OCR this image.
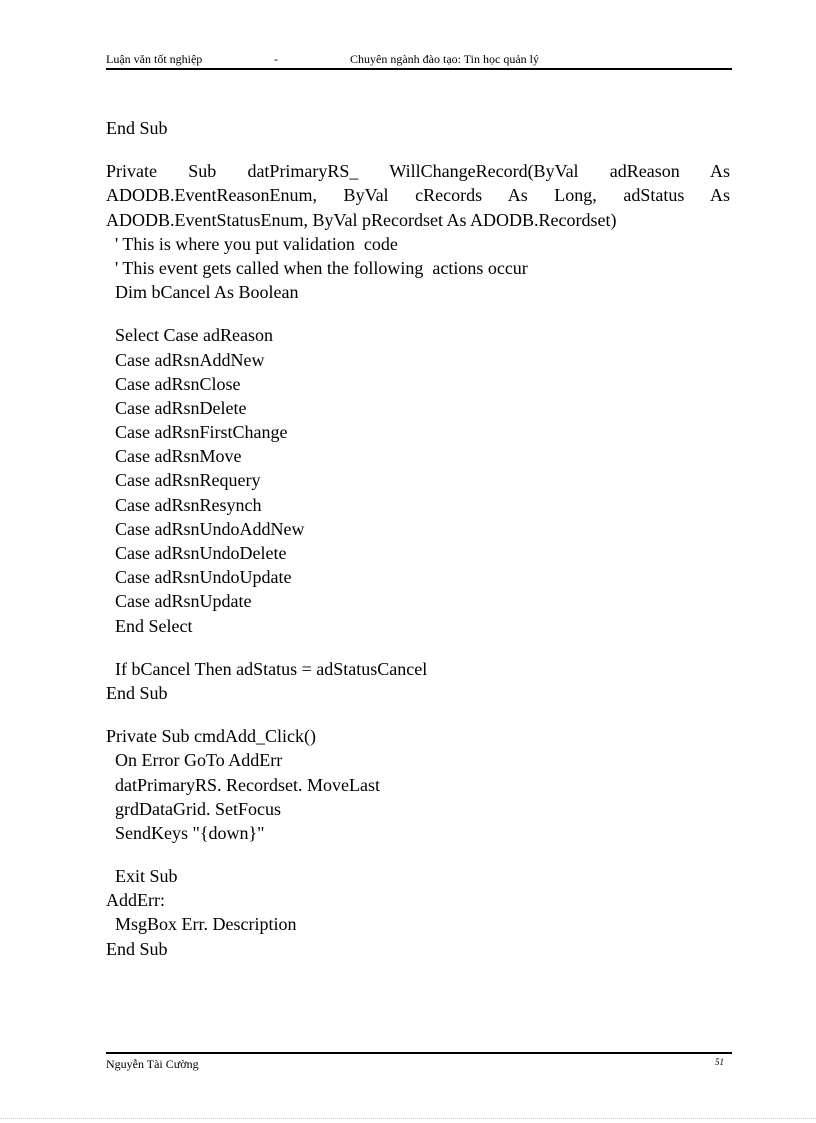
Luận văn tốt nghiệp	-	Chuyên ngành đào tạo: Tin học quản lý
End Sub
Private Sub datPrimaryRS_ WillChangeRecord(ByVal adReason As
ADODB.EventReasonEnum, ByVal cRecords As Long, adStatus As
ADODB.EventStatusEnum, ByVal pRecordset As ADODB.Recordset)
' This is where you put validation  code
' This event gets called when the following  actions occur
Dim bCancel As Boolean
Select Case adReason
Case adRsnAddNew
Case adRsnClose
Case adRsnDelete
Case adRsnFirstChange
Case adRsnMove
Case adRsnRequery
Case adRsnResynch
Case adRsnUndoAddNew
Case adRsnUndoDelete
Case adRsnUndoUpdate
Case adRsnUpdate
End Select
If bCancel Then adStatus = adStatusCancel
End Sub
Private Sub cmdAdd_Click()
On Error GoTo AddErr
datPrimaryRS. Recordset. MoveLast
grdDataGrid. SetFocus
SendKeys "{down}"
Exit Sub
AddErr:
MsgBox Err. Description
End Sub
Nguyễn Tài Cường	51
